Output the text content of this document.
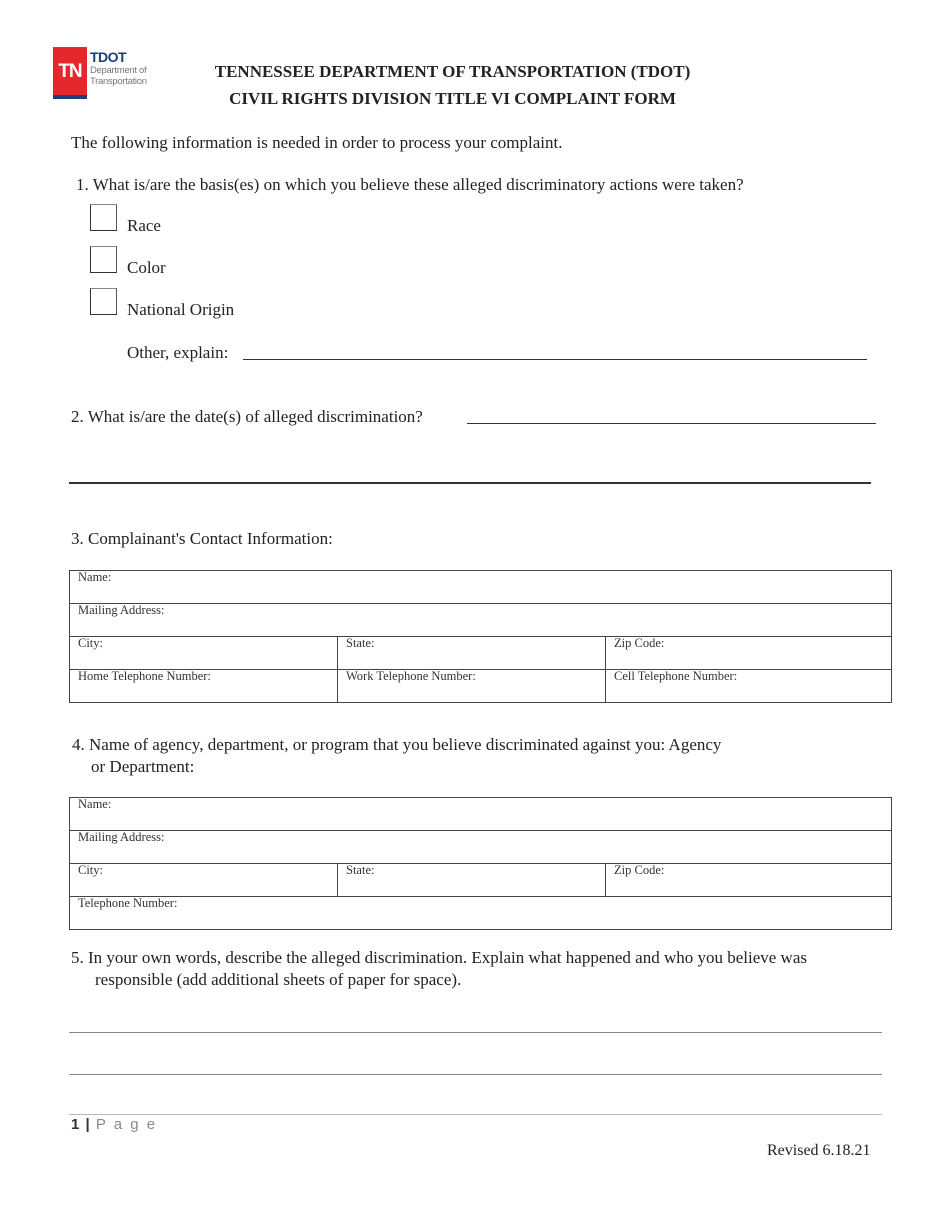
TN
TDOT
Department of
Transportation
TENNESSEE DEPARTMENT OF TRANSPORTATION (TDOT)
CIVIL RIGHTS DIVISION TITLE VI COMPLAINT FORM
The following information is needed in order to process your complaint.
1. What is/are the basis(es) on which you believe these alleged discriminatory actions were taken?
Race
Color
National Origin
Other, explain:
2. What is/are the date(s) of alleged discrimination?
3. Complainant's Contact Information:
Name:		

Mailing Address:		

City:	State:	Zip Code:

Home Telephone Number:	Work Telephone Number:	Cell Telephone Number:
4. Name of agency, department, or program that you believe discriminated against you: Agency
or Department:
Name:

Mailing Address:

City:	State:	Zip Code:

Telephone Number:
5. In your own words, describe the alleged discrimination. Explain what happened and who you believe was
responsible (add additional sheets of paper for space).
1 | P a g e
Revised 6.18.21
